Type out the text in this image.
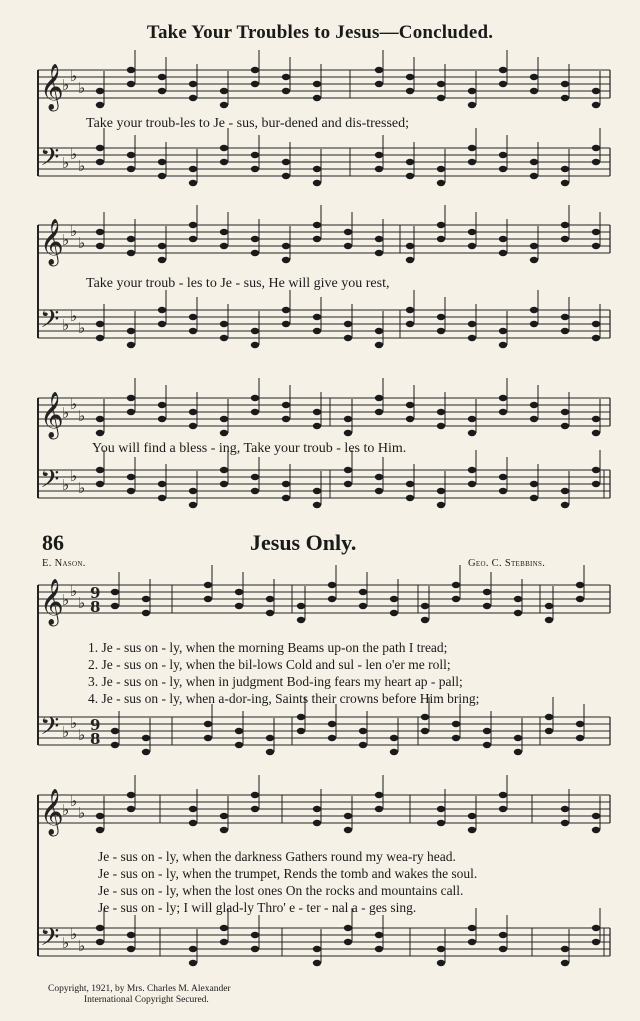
𝄞
♭ ♭
♭
𝄢 ♭ ♭
♭
𝄞
♭ ♭
♭
𝄢 ♭ ♭
♭
𝄞
♭ ♭
♭
𝄢 ♭ ♭
♭
𝄞
♭ ♭
♭
9
8
𝄢 ♭ ♭
♭
9
8
𝄞
♭ ♭
♭
𝄢 ♭ ♭
♭
Take Your Troubles to Jesus—Concluded.
Take your troub-les to Je - sus, bur-dened and dis-tressed;
Take your troub - les to Je - sus, He will give you rest,
You will find a bless - ing, Take your troub - les to Him.
86	Jesus Only.
E. Nason.	Geo. C. Stebbins.
1. Je - sus on - ly, when the morning Beams up-on the path I tread;
2. Je - sus on - ly, when the bil-lows Cold and sul - len o'er me roll;
3. Je - sus on - ly, when in judgment Bod-ing fears my heart ap - pall;
4. Je - sus on - ly, when a-dor-ing, Saints their crowns before Him bring;
Je - sus on - ly, when the darkness Gathers round my wea-ry head.
Je - sus on - ly, when the trumpet, Rends the tomb and wakes the soul.
Je - sus on - ly, when the lost ones On the rocks and mountains call.
Je - sus on - ly; I will glad-ly Thro' e - ter - nal a - ges sing.
Copyright, 1921, by Mrs. Charles M. Alexander
International Copyright Secured.
